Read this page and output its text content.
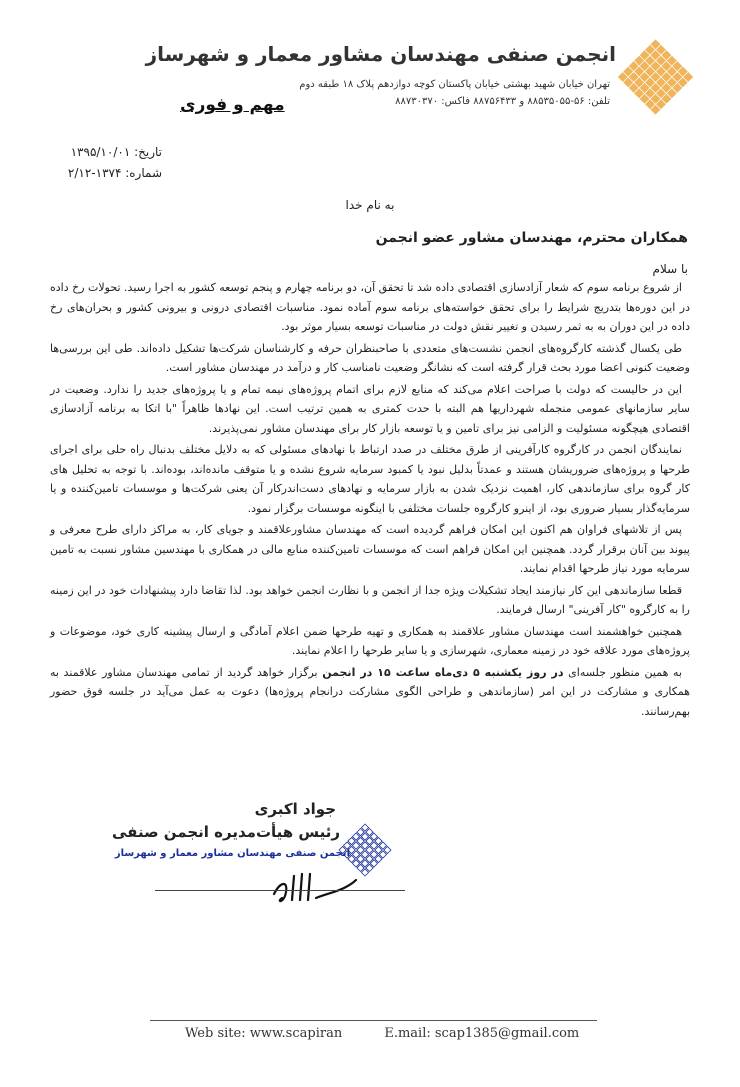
انجمن صنفی مهندسان مشاور معمار و شهرساز
تهران خیابان شهید بهشتی خیابان پاکستان کوچه دوازدهم پلاک ۱۸ طبقه دوم
تلفن: ۵۶-۸۸۵۳۵۰۵۵ و ۸۸۷۵۶۴۳۳ فاکس: ۸۸۷۳۰۳۷۰
مهم و فوری
تاریخ: ۱۳۹۵/۱۰/۰۱
شماره: ۱۳۷۴-۲/۱۲
به نام خدا
همکاران محترم، مهندسان مشاور عضو انجمن
با سلام

از شروع برنامه سوم که شعار آزادسازی اقتصادی داده شد تا تحقق آن، دو برنامه چهارم و پنجم توسعه کشور به اجرا رسید. تحولات رخ داده در این دوره‌ها بتدریج شرایط را برای تحقق خواسته‌های برنامه سوم آماده نمود. مناسبات اقتصادی درونی و بیرونی کشور و بحران‌های رخ داده در این دوران به به ثمر رسیدن و تغییر نقش دولت در مناسبات توسعه بسیار موثر بود.

طی یکسال گذشته کارگروه‌های انجمن نشست‌های متعددی با صاحبنظران حرفه و کارشناسان شرکت‌ها تشکیل داده‌اند. طی این بررسی‌ها وضعیت کنونی اعضا مورد بحث قرار گرفته است که نشانگر وضعیت نامناسب کار و درآمد در مهندسان مشاور است.

این در حالیست که دولت با صراحت اعلام می‌کند که منابع لازم برای اتمام پروژه‌های نیمه تمام و یا پروژه‌های جدید را ندارد. وضعیت در سایر سازمانهای عمومی منجمله شهرداریها هم البته با حدت کمتری به همین ترتیب است. این نهادها ظاهراً "با اتکا به برنامه آزادسازی اقتصادی هیچگونه مسئولیت و الزامی نیز برای تامین و یا توسعه بازار کار برای مهندسان مشاور نمی‌پذیرند.

نمایندگان انجمن در کارگروه کارآفرینی از طرق مختلف در صدد ارتباط با نهادهای مسئولی که به دلایل مختلف بدنبال راه حلی برای اجرای طرحها و پروژه‌های ضروریشان هستند و عمدتاً بدلیل نبود یا کمبود سرمایه شروع نشده و یا متوقف مانده‌اند، بوده‌اند. با توجه به تحلیل های کار گروه برای سازماندهی کار، اهمیت نزدیک شدن به بازار سرمایه و نهادهای دست‌اندرکار آن یعنی شرکت‌ها و موسسات تامین‌کننده و یا سرمایه‌گذار بسیار ضروری بود، از اینرو کارگروه جلسات مختلفی با اینگونه موسسات برگزار نمود.

پس از تلاشهای فراوان هم اکنون این امکان فراهم گردیده است که مهندسان مشاورعلاقمند و جویای کار، به مراکز دارای طرح معرفی و پیوند بین آنان برقرار گردد. همچنین این امکان فراهم است که موسسات تامین‌کننده منابع مالی در همکاری با مهندسین مشاور نسبت به تامین سرمایه مورد نیاز طرحها اقدام نمایند.

قطعا سازماندهی این کار نیازمند ایجاد تشکیلات ویژه جدا از انجمن و با نظارت انجمن خواهد بود. لذا تقاضا دارد پیشنهادات خود در این زمینه را به کارگروه "کار آفرینی" ارسال فرمایند.

همچنین خواهشمند است مهندسان مشاور علاقمند به همکاری و تهیه طرحها ضمن اعلام آمادگی و ارسال پیشینه کاری خود، موضوعات و پروژه‌های مورد علاقه خود در زمینه معماری، شهرسازی و یا سایر طرحها را اعلام نمایند.

به همین منظور جلسه‌ای در روز یکشنبه ۵ دی‌ماه ساعت ۱۵ در انجمن برگزار خواهد گردید از تمامی مهندسان مشاور علاقمند به همکاری و مشارکت در این امر (سازماندهی و طراحی الگوی مشارکت درانجام پروژه‌ها) دعوت به عمل می‌آید در جلسه فوق حضور بهم‌رسانند.

جواد اکبری
رئیس هیأت‌مدیره انجمن صنفی
انجمن صنفی مهندسان مشاور معمار و شهرساز
Web site: www.scapiran	E.mail: scap1385@gmail.com
